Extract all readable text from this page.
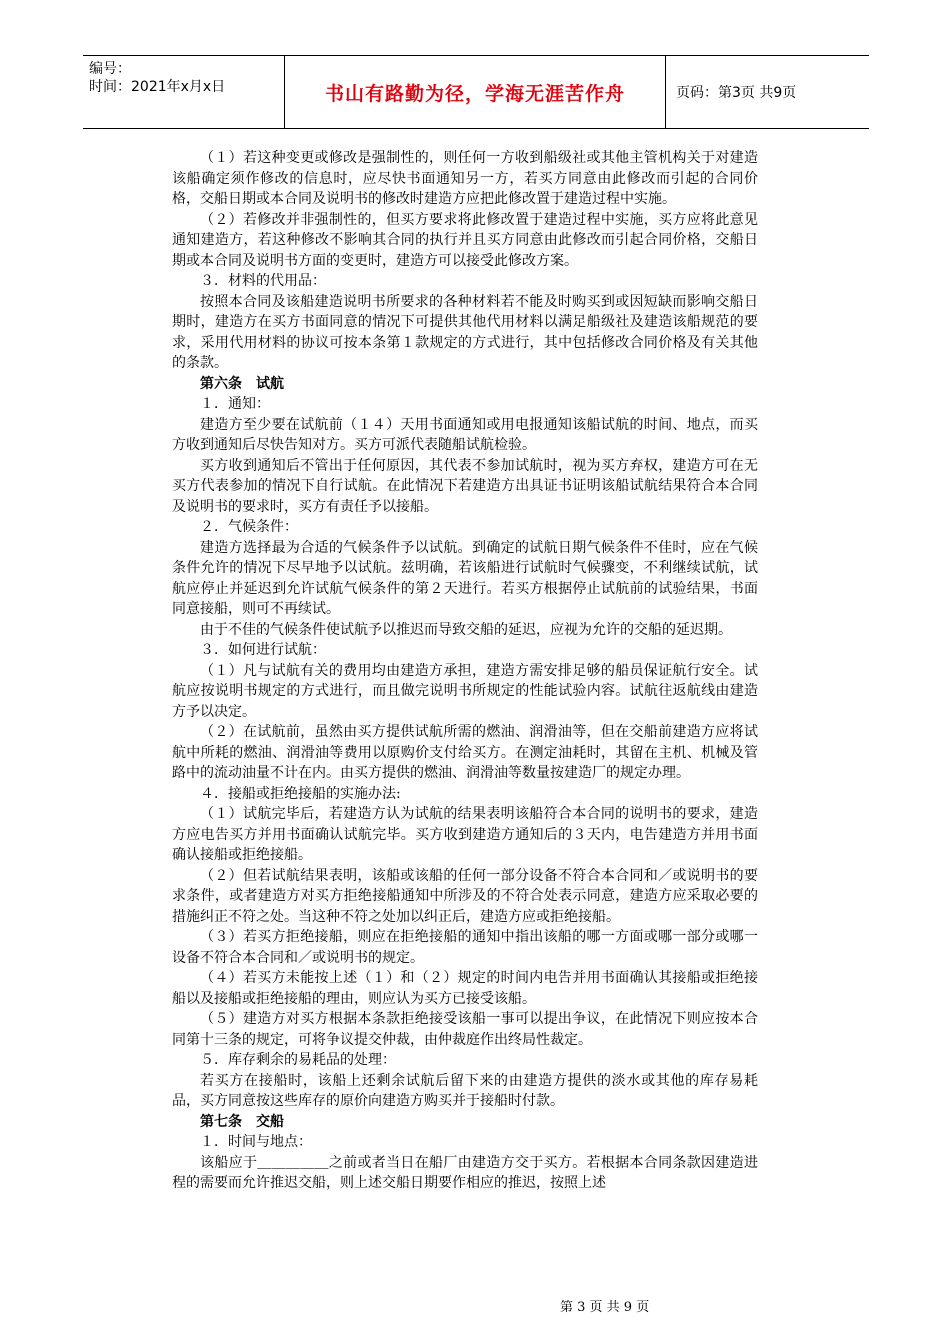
编号：
时间：2021年x月x日	书山有路勤为径，学海无涯苦作舟	页码：第3页 共9页

（１）若这种变更或修改是强制性的，则任何一方收到船级社或其他主管机构关于对建造该船确定须作修改的信息时，应尽快书面通知另一方，若买方同意由此修改而引起的合同价格，交船日期或本合同及说明书的修改时建造方应把此修改置于建造过程中实施。

（２）若修改并非强制性的，但买方要求将此修改置于建造过程中实施，买方应将此意见通知建造方，若这种修改不影响其合同的执行并且买方同意由此修改而引起合同价格，交船日期或本合同及说明书方面的变更时，建造方可以接受此修改方案。

３．材料的代用品：

按照本合同及该船建造说明书所要求的各种材料若不能及时购买到或因短缺而影响交船日期时，建造方在买方书面同意的情况下可提供其他代用材料以满足船级社及建造该船规范的要求，采用代用材料的协议可按本条第１款规定的方式进行，其中包括修改合同价格及有关其他的条款。

第六条　试航

１．通知：

建造方至少要在试航前（１４）天用书面通知或用电报通知该船试航的时间、地点，而买方收到通知后尽快告知对方。买方可派代表随船试航检验。

买方收到通知后不管出于任何原因，其代表不参加试航时，视为买方弃权，建造方可在无买方代表参加的情况下自行试航。在此情况下若建造方出具证书证明该船试航结果符合本合同及说明书的要求时，买方有责任予以接船。

２．气候条件：

建造方选择最为合适的气候条件予以试航。到确定的试航日期气候条件不佳时，应在气候条件允许的情况下尽早地予以试航。兹明确，若该船进行试航时气候骤变，不利继续试航，试航应停止并延迟到允许试航气候条件的第２天进行。若买方根据停止试航前的试验结果，书面同意接船，则可不再续试。

由于不佳的气候条件使试航予以推迟而导致交船的延迟，应视为允许的交船的延迟期。

３．如何进行试航：

（１）凡与试航有关的费用均由建造方承担，建造方需安排足够的船员保证航行安全。试航应按说明书规定的方式进行，而且做完说明书所规定的性能试验内容。试航往返航线由建造方予以决定。

（２）在试航前，虽然由买方提供试航所需的燃油、润滑油等，但在交船前建造方应将试航中所耗的燃油、润滑油等费用以原购价支付给买方。在测定油耗时，其留在主机、机械及管路中的流动油量不计在内。由买方提供的燃油、润滑油等数量按建造厂的规定办理。

４．接船或拒绝接船的实施办法:

（１）试航完毕后，若建造方认为试航的结果表明该船符合本合同的说明书的要求，建造方应电告买方并用书面确认试航完毕。买方收到建造方通知后的３天内，电告建造方并用书面确认接船或拒绝接船。

（２）但若试航结果表明，该船或该船的任何一部分设备不符合本合同和／或说明书的要求条件，或者建造方对买方拒绝接船通知中所涉及的不符合处表示同意，建造方应采取必要的措施纠正不符之处。当这种不符之处加以纠正后，建造方应或拒绝接船。

（３）若买方拒绝接船，则应在拒绝接船的通知中指出该船的哪一方面或哪一部分或哪一设备不符合本合同和／或说明书的规定。

（４）若买方未能按上述（１）和（２）规定的时间内电告并用书面确认其接船或拒绝接船以及接船或拒绝接船的理由，则应认为买方已接受该船。

（５）建造方对买方根据本条款拒绝接受该船一事可以提出争议，在此情况下则应按本合同第十三条的规定，可将争议提交仲裁，由仲裁庭作出终局性裁定。

５．库存剩余的易耗品的处理：

若买方在接船时，该船上还剩余试航后留下来的由建造方提供的淡水或其他的库存易耗品，买方同意按这些库存的原价向建造方购买并于接船时付款。

第七条　交船

１．时间与地点：

该船应于＿＿＿＿＿之前或者当日在船厂由建造方交于买方。若根据本合同条款因建造进程的需要而允许推迟交船，则上述交船日期要作相应的推迟，按照上述

第 3 页 共 9 页
